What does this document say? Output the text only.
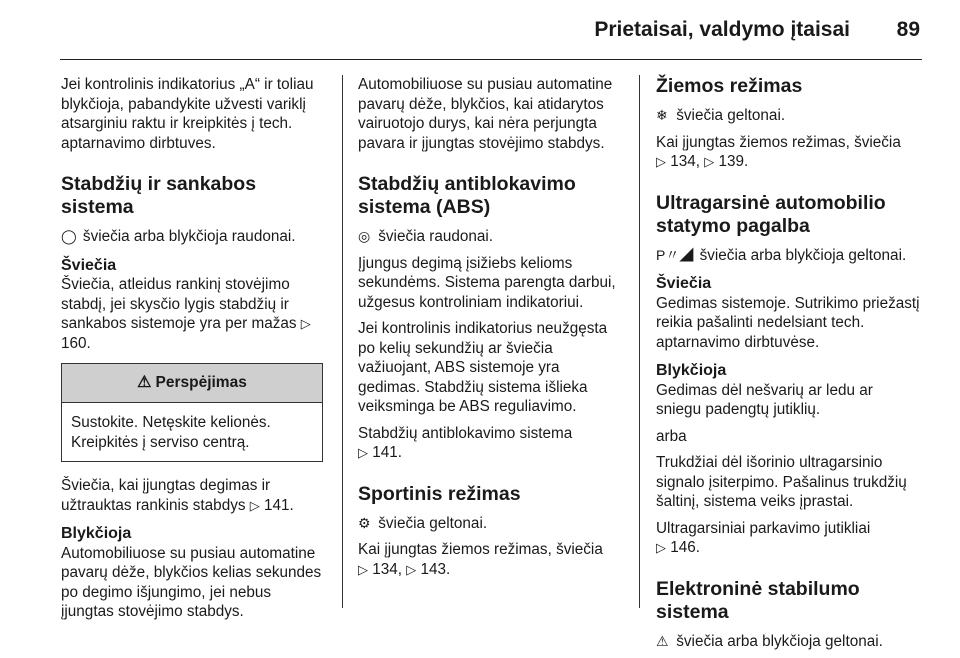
Prietaisai, valdymo įtaisai 89

Jei kontrolinis indikatorius „A“ ir toliau blykčioja, pabandykite užvesti variklį atsarginiu raktu ir kreipkitės į tech. aptarnavimo dirbtuves.

Stabdžių ir sankabos sistema

◯ šviečia arba blykčioja raudonai.

Šviečia

Šviečia, atleidus rankinį stovėjimo stabdį, jei skysčio lygis stabdžių ir sankabos sistemoje yra per mažas ▷ 160.

⚠ Perspėjimas

Sustokite. Netęskite kelionės. Kreipkitės į serviso centrą.

Šviečia, kai įjungtas degimas ir užtrauktas rankinis stabdys ▷ 141.

Blykčioja

Automobiliuose su pusiau automatine pavarų dėže, blykčios kelias sekundes po degimo išjungimo, jei nebus įjungtas stovėjimo stabdys.

Automobiliuose su pusiau automatine pavarų dėže, blykčios, kai atidarytos vairuotojo durys, kai nėra perjungta pavara ir įjungtas stovėjimo stabdys.

Stabdžių antiblokavimo sistema (ABS)

◎ šviečia raudonai.

Įjungus degimą įsižiebs kelioms sekundėms. Sistema parengta darbui, užgesus kontroliniam indikatoriui.

Jei kontrolinis indikatorius neužgęsta po kelių sekundžių ar šviečia važiuojant, ABS sistemoje yra gedimas. Stabdžių sistema išlieka veiksminga be ABS reguliavimo.

Stabdžių antiblokavimo sistema
▷ 141.

Sportinis režimas

⚙ šviečia geltonai.

Kai įjungtas žiemos režimas, šviečia
▷ 134, ▷ 143.

Žiemos režimas

❄ šviečia geltonai.

Kai įjungtas žiemos režimas, šviečia
▷ 134, ▷ 139.

Ultragarsinė automobilio statymo pagalba

P〃◢ šviečia arba blykčioja geltonai.

Šviečia

Gedimas sistemoje. Sutrikimo priežastį reikia pašalinti nedelsiant tech. aptarnavimo dirbtuvėse.

Blykčioja

Gedimas dėl nešvarių ar ledu ar sniegu padengtų jutiklių.

arba

Trukdžiai dėl išorinio ultragarsinio signalo įsiterpimo. Pašalinus trukdžių šaltinį, sistema veiks įprastai.

Ultragarsiniai parkavimo jutikliai
▷ 146.

Elektroninė stabilumo sistema

⚠ šviečia arba blykčioja geltonai.
